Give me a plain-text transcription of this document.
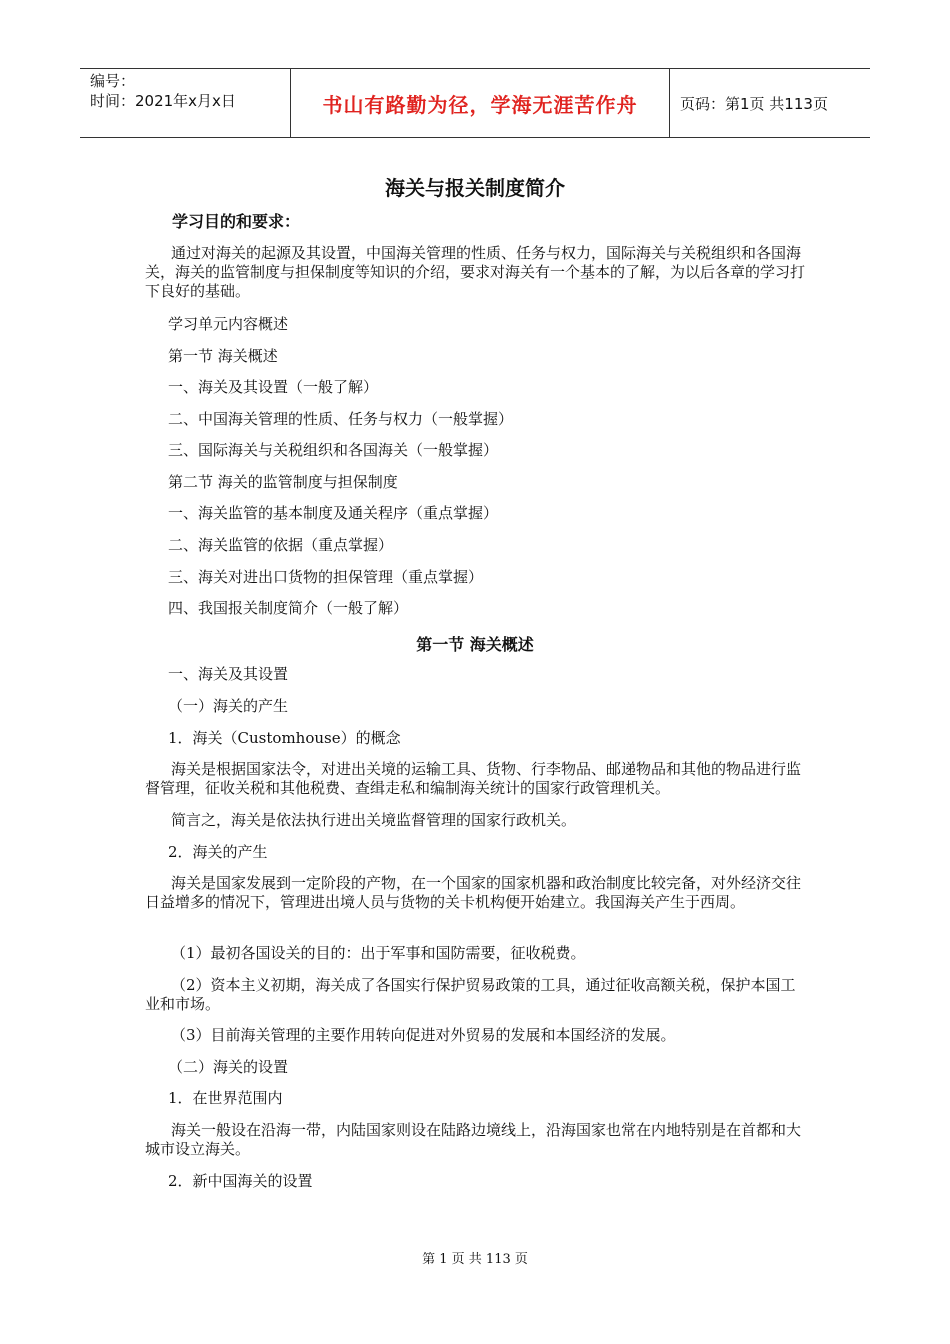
编号：
时间：2021年x月x日	书山有路勤为径，学海无涯苦作舟	页码：第1页 共113页
海关与报关制度简介
学习目的和要求：
通过对海关的起源及其设置，中国海关管理的性质、任务与权力，国际海关与关税组织和各国海关，海关的监管制度与担保制度等知识的介绍，要求对海关有一个基本的了解，为以后各章的学习打下良好的基础。
学习单元内容概述
第一节 海关概述
一、海关及其设置（一般了解）
二、中国海关管理的性质、任务与权力（一般掌握）
三、国际海关与关税组织和各国海关（一般掌握）
第二节 海关的监管制度与担保制度
一、海关监管的基本制度及通关程序（重点掌握）
二、海关监管的依据（重点掌握）
三、海关对进出口货物的担保管理（重点掌握）
四、我国报关制度简介（一般了解）
第一节 海关概述
一、海关及其设置
（一）海关的产生
1．海关（Customhouse）的概念
海关是根据国家法令，对进出关境的运输工具、货物、行李物品、邮递物品和其他的物品进行监督管理，征收关税和其他税费、查缉走私和编制海关统计的国家行政管理机关。
简言之，海关是依法执行进出关境监督管理的国家行政机关。
2．海关的产生
海关是国家发展到一定阶段的产物，在一个国家的国家机器和政治制度比较完备，对外经济交往日益增多的情况下，管理进出境人员与货物的关卡机构便开始建立。我国海关产生于西周。
（1）最初各国设关的目的：出于军事和国防需要，征收税费。
（2）资本主义初期，海关成了各国实行保护贸易政策的工具，通过征收高额关税，保护本国工业和市场。
（3）目前海关管理的主要作用转向促进对外贸易的发展和本国经济的发展。
（二）海关的设置
1．在世界范围内
海关一般设在沿海一带，内陆国家则设在陆路边境线上，沿海国家也常在内地特别是在首都和大城市设立海关。
2．新中国海关的设置
第 1 页 共 113 页
